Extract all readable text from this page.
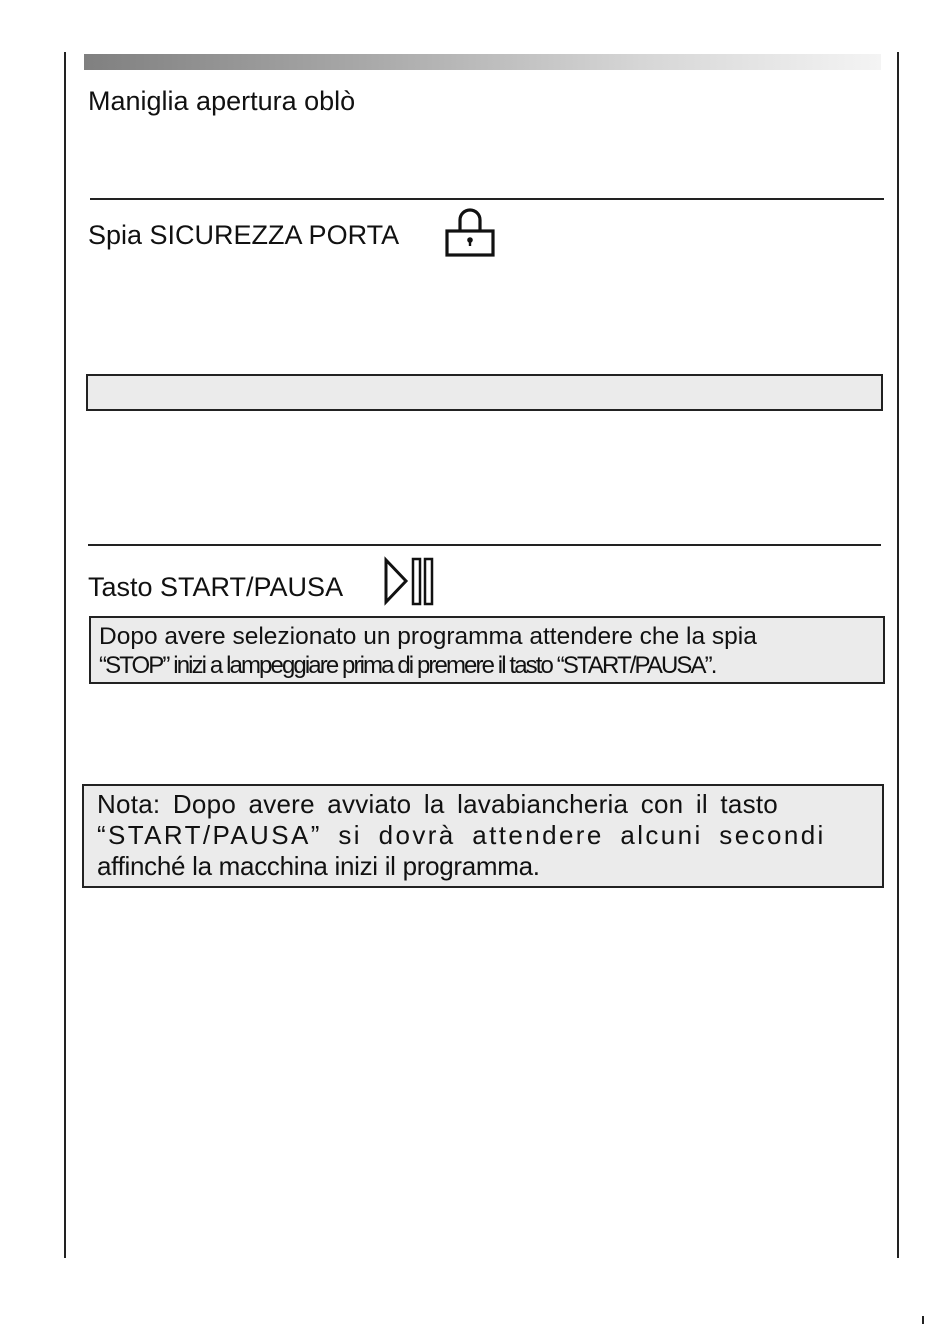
Maniglia apertura oblò
Spia SICUREZZA PORTA
Tasto START/PAUSA
Dopo avere selezionato un programma attendere che la spia
“STOP” inizi a lampeggiare prima di premere il tasto “START/PAUSA”.
Nota: Dopo avere avviato la lavabiancheria con il tasto
“START/PAUSA” si dovrà attendere alcuni secondi
affinché la macchina inizi il programma.
